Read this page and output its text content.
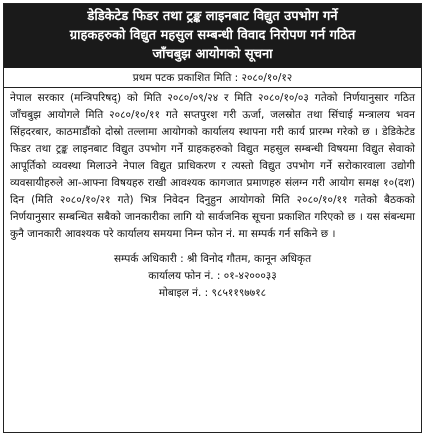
डेडिकेटेड फिडर तथा ट्रङ्क लाइनबाट विद्युत उपभोग गर्ने
ग्राहकहरुको विद्युत महसुल सम्बन्धी विवाद निरोपण गर्न गठित
जाँचबुझ आयोगको सूचना
प्रथम पटक प्रकाशित मिति : २०८०/१०/१२

नेपाल सरकार (मन्त्रिपरिषद्) को मिति २०८०/०९/२४ र मिति २०८०/१०/०३ गतेको निर्णयानुसार गठित जाँचबुझ आयोगले मिति २०८०/१०/११ गते सप्तपुरश गरी ऊर्जा, जलस्रोत तथा सिंचाई मन्त्रालय भवन सिंहदरबार, काठमाडौंको दोस्रो तल्लामा आयोगको कार्यालय स्थापना गरी कार्य प्रारम्भ गरेको छ । डेडिकेटेड फिडर तथा ट्रङ्क लाइनबाट विद्युत उपभोग गर्ने ग्राहकहरुको विद्युत महसुल सम्बन्धी विषयमा विद्युत सेवाको आपूर्तिको व्यवस्था मिलाउने नेपाल विद्युत प्राधिकरण र त्यस्तो विद्युत उपभोग गर्ने सरोकारवाला उद्योगी व्यवसायीहरुले आ-आफ्ना विषयहरु राखी आवश्यक कागजात प्रमाणहरु संलग्न गरी आयोग समक्ष १०(दश) दिन (मिति २०८०/१०/२१ गते) भित्र निवेदन दिनुहुन आयोगको मिति २०८०/१०/११ गतेको बैठकको निर्णयानुसार सम्बन्धित सबैको जानकारीका लागि यो सार्वजनिक सूचना प्रकाशित गरिएको छ । यस संबन्धमा कुनै जानकारी आवश्यक परे कार्यालय समयमा निम्न फोन नं. मा सम्पर्क गर्न सकिने छ ।

सम्पर्क अधिकारी : श्री विनोद गौतम, कानून अधिकृत
कार्यालय फोन नं. : ०१-४२०००३३
मोबाइल नं. : ९८५११९७७१८
